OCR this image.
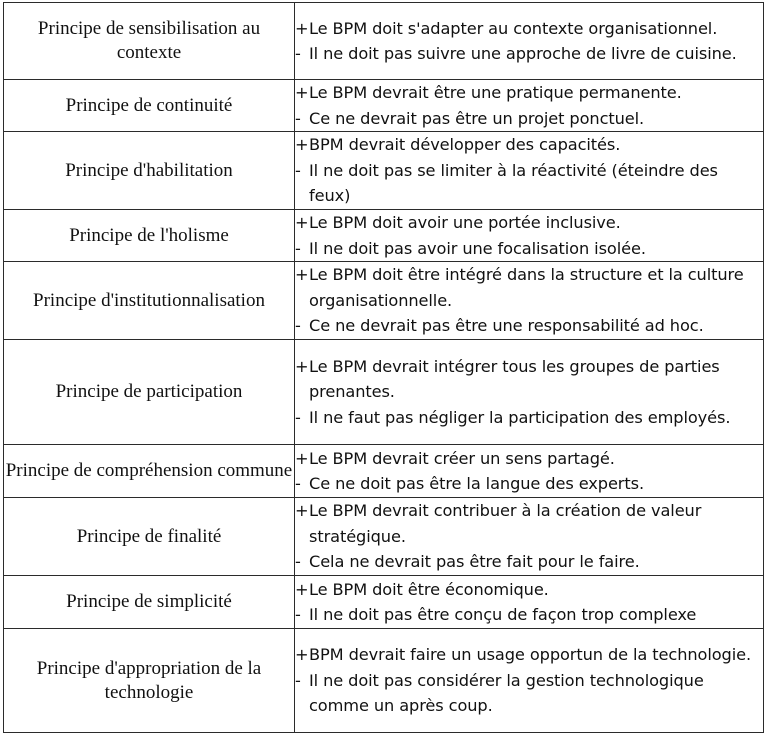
Principe de sensibilisation au contexte	+ Le BPM doit s'adapter au contexte organisationnel.
- Il ne doit pas suivre une approche de livre de cuisine.

Principe de continuité	+ Le BPM devrait être une pratique permanente.
- Ce ne devrait pas être un projet ponctuel.

Principe d'habilitation	+ BPM devrait développer des capacités.
- Il ne doit pas se limiter à la réactivité (éteindre des feux)

Principe de l'holisme	+ Le BPM doit avoir une portée inclusive.
- Il ne doit pas avoir une focalisation isolée.

Principe d'institutionnalisation	+ Le BPM doit être intégré dans la structure et la culture organisationnelle.
- Ce ne devrait pas être une responsabilité ad hoc.

Principe de participation	+ Le BPM devrait intégrer tous les groupes de parties prenantes.
- Il ne faut pas négliger la participation des employés.

Principe de compréhension commune	+ Le BPM devrait créer un sens partagé.
- Ce ne doit pas être la langue des experts.

Principe de finalité	+ Le BPM devrait contribuer à la création de valeur stratégique.
- Cela ne devrait pas être fait pour le faire.

Principe de simplicité	+ Le BPM doit être économique.
- Il ne doit pas être conçu de façon trop complexe

Principe d'appropriation de la technologie	+ BPM devrait faire un usage opportun de la technologie.
- Il ne doit pas considérer la gestion technologique comme un après coup.
